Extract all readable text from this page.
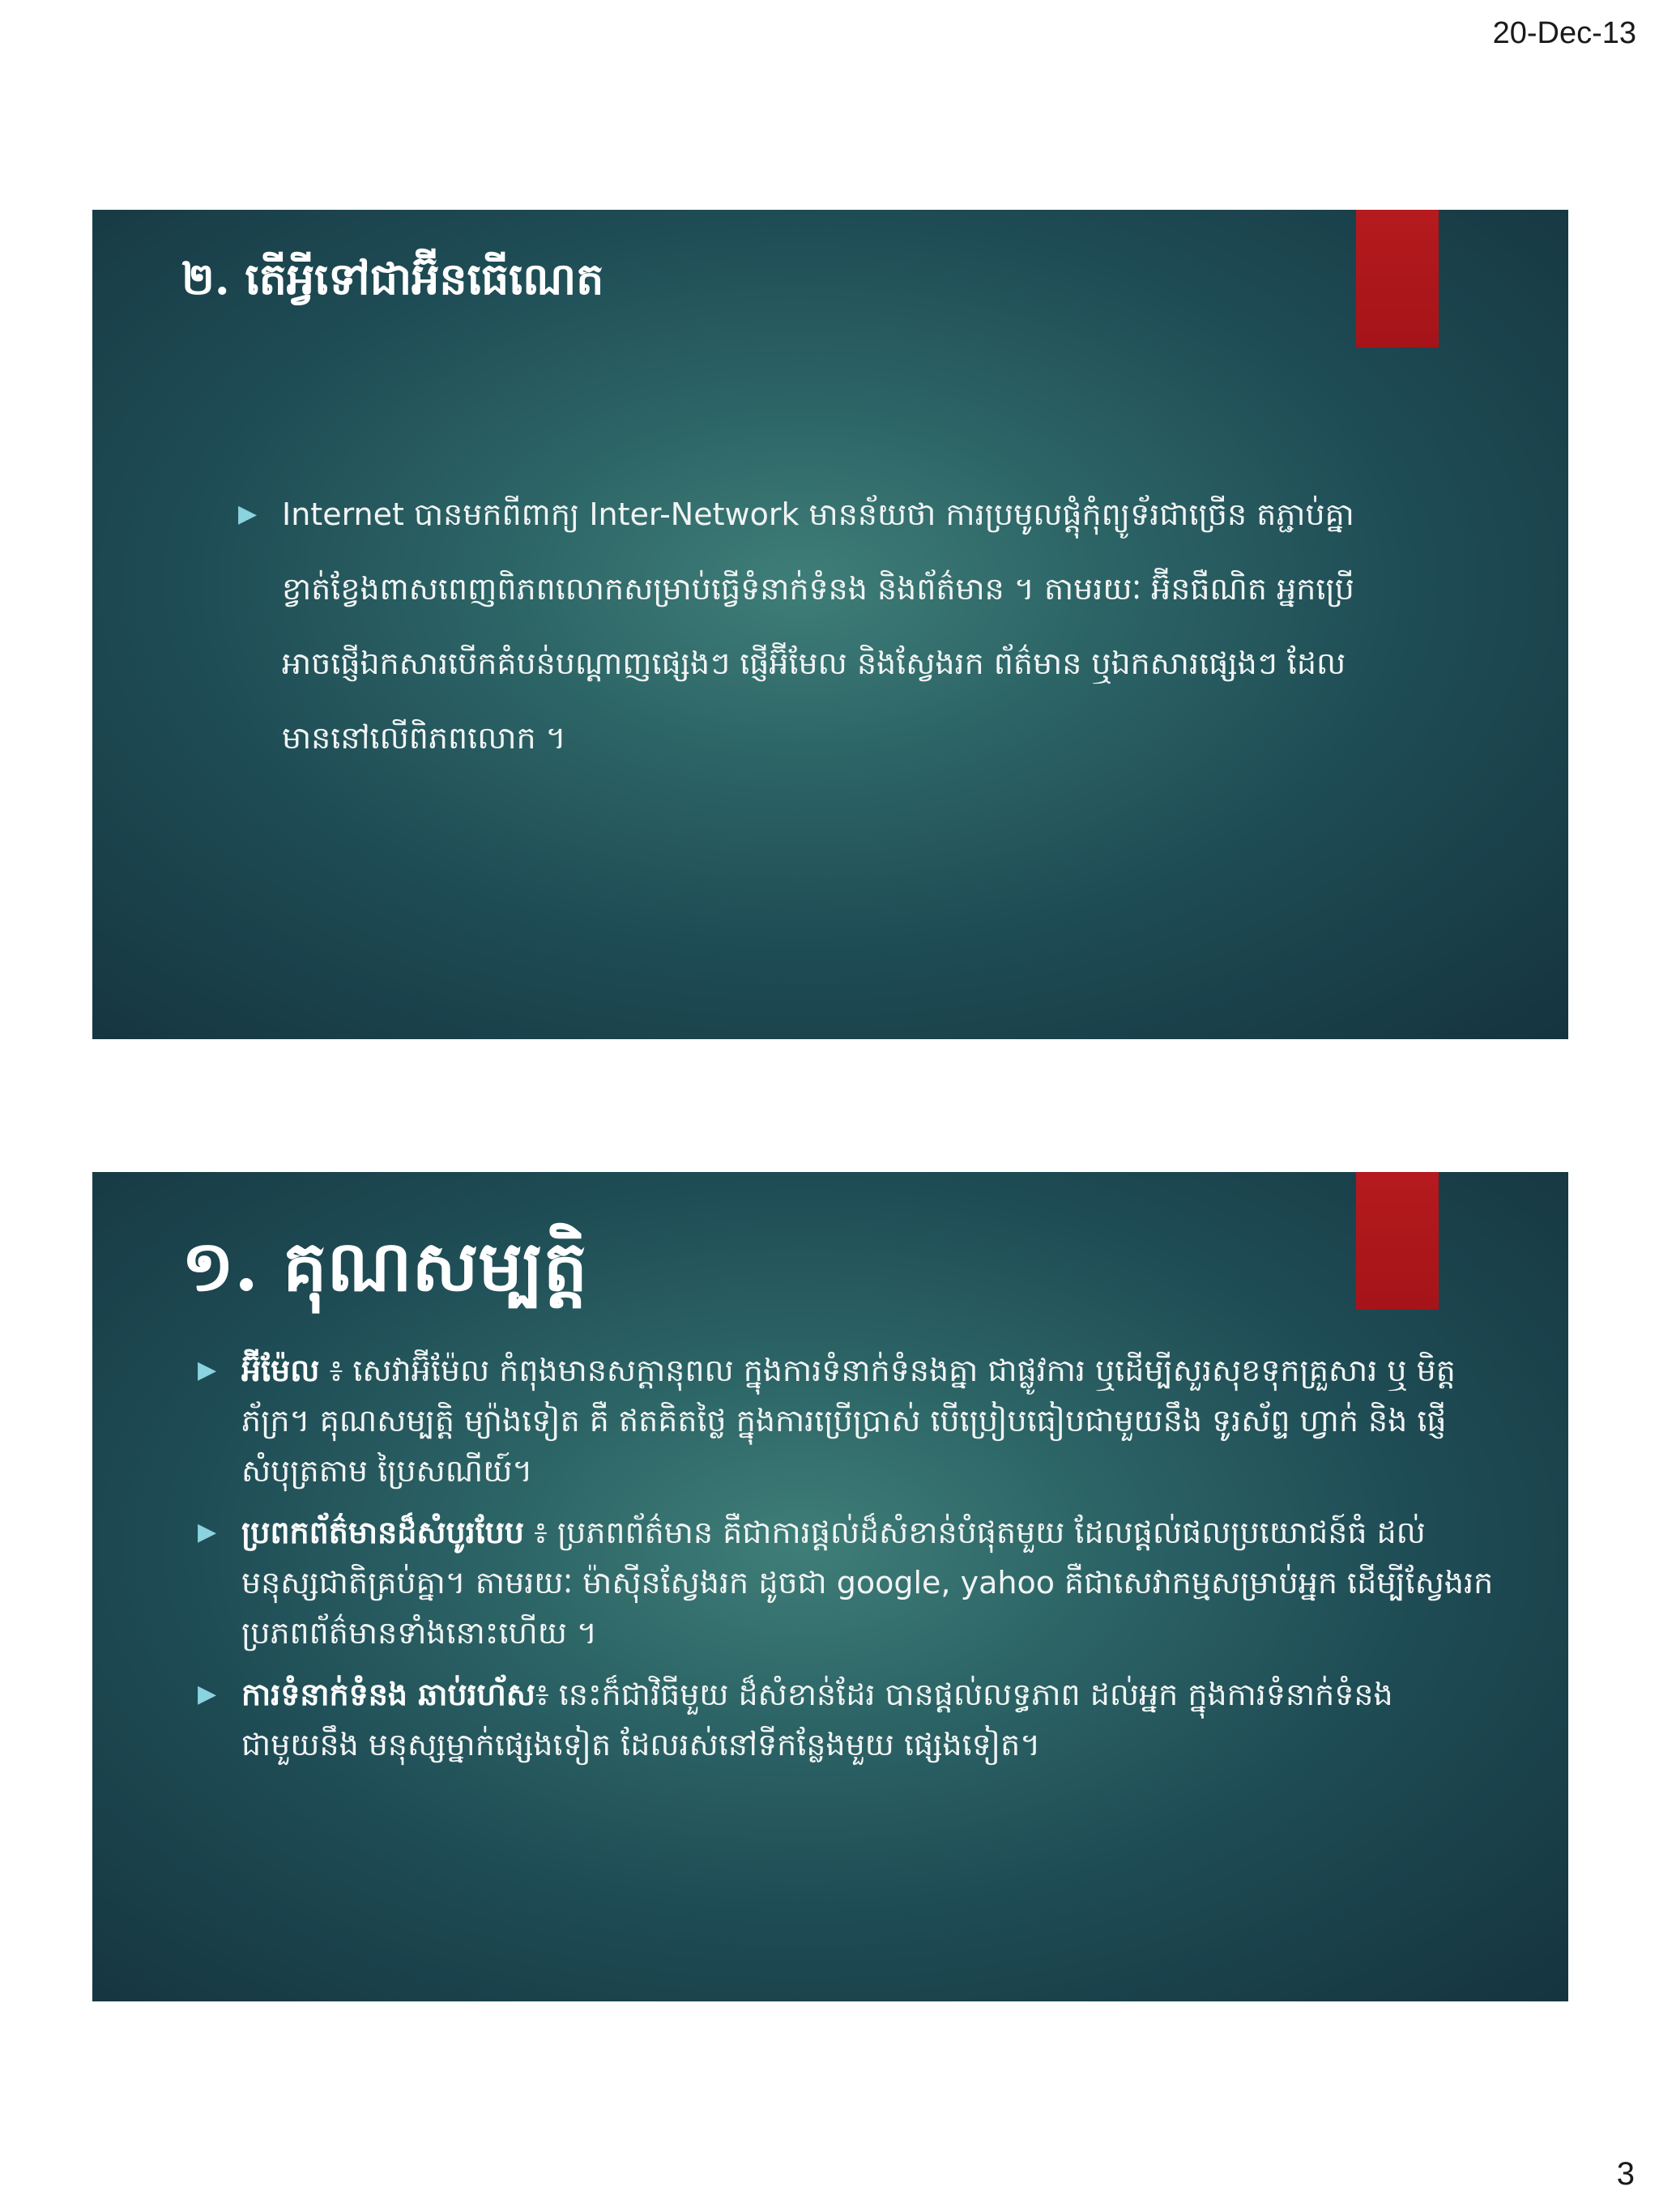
20-Dec-13
២. តើអ្វីទៅជាអ៊ីនធើណេត
▶ Internet បានមកពីពាក្យ Inter-Network មានន័យថា ការប្រមូលផ្តុំកុំព្យូទ័រជាច្រើន តភ្ជាប់គ្នាខ្វាត់ខ្វែងពាសពេញពិភពលោកសម្រាប់ធ្វើទំនាក់ទំនង និងព័ត៌មាន ។ តាមរយៈ អ៊ីនធឺណិត អ្នកប្រើអាចផ្ញើឯកសារបើកគំបន់បណ្តាញផ្សេងៗ ផ្ញើអ៊ីមែល និងស្វែងរក ព័ត៌មាន ឬឯកសារផ្សេងៗ ដែលមាននៅលើពិភពលោក ។
១. គុណសម្បត្តិ
▶ អ៊ីម៉ែល ៖ សេវាអ៊ីម៉ែល កំពុងមានសក្តានុពល ក្នុងការទំនាក់ទំនងគ្នា ជាផ្លូវការ ឬដើម្បីសួរសុខទុកគ្រួសារ ឬ មិត្តភ័ក្រ។ គុណសម្បត្តិ ម្យ៉ាងទៀត គឺ ឥតគិតថ្លៃ ក្នុងការប្រើប្រាស់ បើប្រៀបធៀបជាមួយនឹង ទូរស័ព្ទ ហ្វាក់ និង ផ្ញើសំបុត្រតាម ប្រៃសណីយ៍។
▶ ប្រពកព័ត៌មានដ៏សំបូរបែប ៖ ប្រភពព័ត៌មាន គឺជាការផ្តល់ដ៏សំខាន់បំផុតមួយ ដែលផ្តល់ផលប្រយោជន៍ធំ ដល់ មនុស្សជាតិគ្រប់គ្នា។ តាមរយៈ ម៉ាស៊ីនស្វែងរក ដូចជា google, yahoo គឺជាសេវាកម្មសម្រាប់អ្នក ដើម្បីស្វែងរក ប្រភពព័ត៌មានទាំងនោះហើយ ។
▶ ការទំនាក់ទំនង ឆាប់រហ័ស៖ នេះក៏ជាវិធីមួយ ដ៏សំខាន់ដែរ បានផ្តល់លទ្ធភាព ដល់អ្នក ក្នុងការទំនាក់ទំនង ជាមួយនឹង មនុស្សម្នាក់ផ្សេងទៀត ដែលរស់នៅទីកន្លែងមួយ ផ្សេងទៀត។
3
